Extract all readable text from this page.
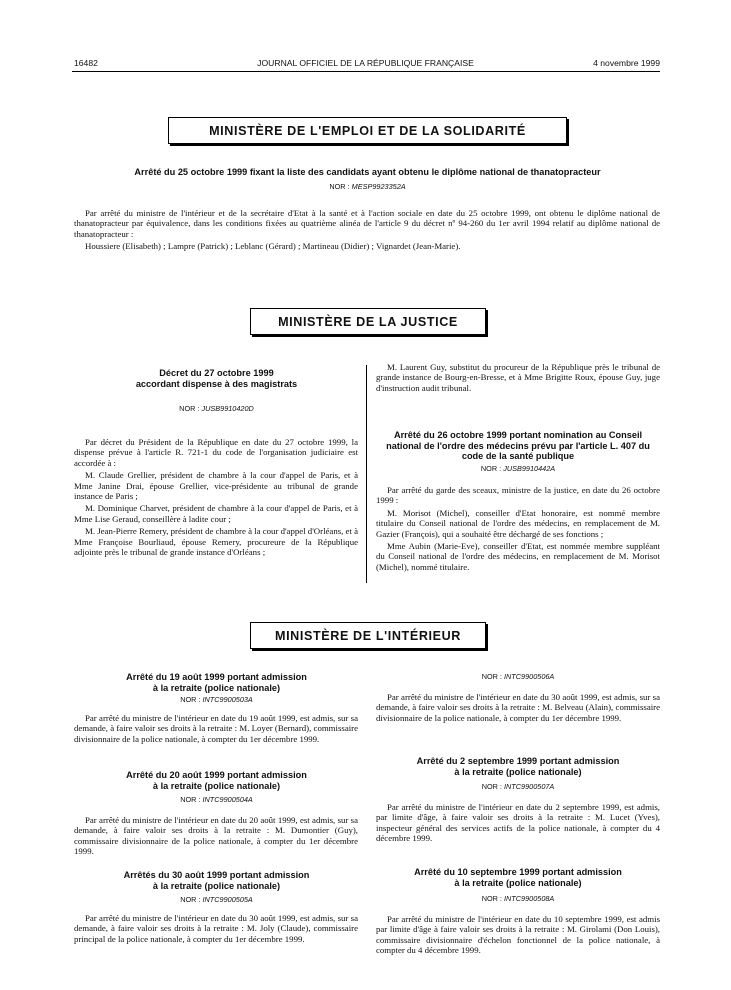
16482	JOURNAL OFFICIEL DE LA RÉPUBLIQUE FRANÇAISE	4 novembre 1999
MINISTÈRE DE L'EMPLOI ET DE LA SOLIDARITÉ
Arrêté du 25 octobre 1999 fixant la liste des candidats ayant obtenu le diplôme national de thanatopracteur
NOR : MESP9923352A

Par arrêté du ministre de l'intérieur et de la secrétaire d'Etat à la santé et à l'action sociale en date du 25 octobre 1999, ont obtenu le diplôme national de thanatopracteur par équivalence, dans les conditions fixées au quatrième alinéa de l'article 9 du décret nº 94-260 du 1er avril 1994 relatif au diplôme national de thanatopracteur :

Houssiere (Elisabeth) ; Lampre (Patrick) ; Leblanc (Gérard) ; Martineau (Didier) ; Vignardet (Jean-Marie).

MINISTÈRE DE LA JUSTICE
Décret du 27 octobre 1999
accordant dispense à des magistrats
NOR : JUSB9910420D

Par décret du Président de la République en date du 27 octobre 1999, la dispense prévue à l'article R. 721-1 du code de l'organisation judiciaire est accordée à :

M. Claude Grellier, président de chambre à la cour d'appel de Paris, et à Mme Janine Drai, épouse Grellier, vice-présidente au tribunal de grande instance de Paris ;

M. Dominique Charvet, président de chambre à la cour d'appel de Paris, et à Mme Lise Geraud, conseillère à ladite cour ;

M. Jean-Pierre Remery, président de chambre à la cour d'appel d'Orléans, et à Mme Françoise Bourliaud, épouse Remery, procureure de la République adjointe près le tribunal de grande instance d'Orléans ;

M. Laurent Guy, substitut du procureur de la République près le tribunal de grande instance de Bourg-en-Bresse, et à Mme Brigitte Roux, épouse Guy, juge d'instruction audit tribunal.

Arrêté du 26 octobre 1999 portant nomination au Conseil national de l'ordre des médecins prévu par l'article L. 407 du code de la santé publique
NOR : JUSB9910442A

Par arrêté du garde des sceaux, ministre de la justice, en date du 26 octobre 1999 :

M. Morisot (Michel), conseiller d'Etat honoraire, est nommé membre titulaire du Conseil national de l'ordre des médecins, en remplacement de M. Gazier (François), qui a souhaité être déchargé de ses fonctions ;

Mme Aubin (Marie-Eve), conseiller d'Etat, est nommée membre suppléant du Conseil national de l'ordre des médecins, en remplacement de M. Morisot (Michel), nommé titulaire.

MINISTÈRE DE L'INTÉRIEUR
Arrêté du 19 août 1999 portant admission
à la retraite (police nationale)
NOR : INTC9900503A

Par arrêté du ministre de l'intérieur en date du 19 août 1999, est admis, sur sa demande, à faire valoir ses droits à la retraite : M. Loyer (Bernard), commissaire divisionnaire de la police nationale, à compter du 1er décembre 1999.

Arrêté du 20 août 1999 portant admission
à la retraite (police nationale)
NOR : INTC9900504A

Par arrêté du ministre de l'intérieur en date du 20 août 1999, est admis, sur sa demande, à faire valoir ses droits à la retraite : M. Dumontier (Guy), commissaire divisionnaire de la police nationale, à compter du 1er décembre 1999.

Arrêtés du 30 août 1999 portant admission
à la retraite (police nationale)
NOR : INTC9900505A

Par arrêté du ministre de l'intérieur en date du 30 août 1999, est admis, sur sa demande, à faire valoir ses droits à la retraite : M. Joly (Claude), commissaire principal de la police nationale, à compter du 1er décembre 1999.

NOR : INTC9900506A

Par arrêté du ministre de l'intérieur en date du 30 août 1999, est admis, sur sa demande, à faire valoir ses droits à la retraite : M. Belveau (Alain), commissaire divisionnaire de la police nationale, à compter du 1er décembre 1999.

Arrêté du 2 septembre 1999 portant admission
à la retraite (police nationale)
NOR : INTC9900507A

Par arrêté du ministre de l'intérieur en date du 2 septembre 1999, est admis, par limite d'âge, à faire valoir ses droits à la retraite : M. Lucet (Yves), inspecteur général des services actifs de la police nationale, à compter du 4 décembre 1999.

Arrêté du 10 septembre 1999 portant admission
à la retraite (police nationale)
NOR : INTC9900508A

Par arrêté du ministre de l'intérieur en date du 10 septembre 1999, est admis par limite d'âge à faire valoir ses droits à la retraite : M. Girolami (Don Louis), commissaire divisionnaire d'échelon fonctionnel de la police nationale, à compter du 4 décembre 1999.
